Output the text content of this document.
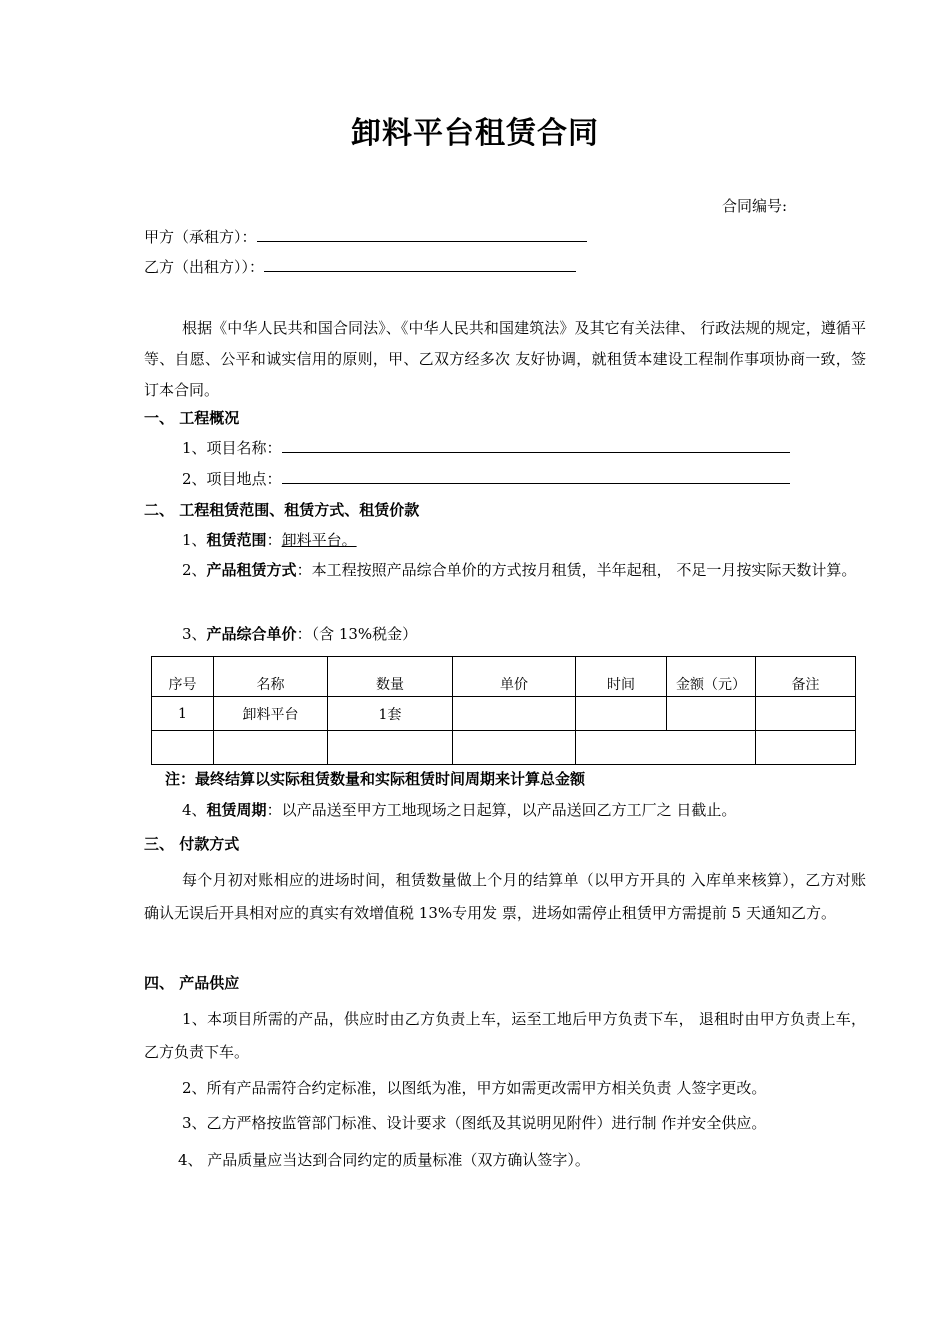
卸料平台租赁合同
合同编号:
甲方（承租方）：
乙方（出租方））：
根据《中华人民共和国合同法》、《中华人民共和国建筑法》及其它有关法律、 行政法规的规定，遵循平等、自愿、公平和诚实信用的原则，甲、乙双方经多次 友好协调，就租赁本建设工程制作事项协商一致，签订本合同。
一、 工程概况
1、项目名称：
2、项目地点：
二、 工程租赁范围、租赁方式、租赁价款
1、租赁范围：卸料平台。
2、产品租赁方式：本工程按照产品综合单价的方式按月租赁，半年起租， 不足一月按实际天数计算。
3、产品综合单价：（含 13%税金）
序号	名称	数量	单价	时间	金额（元）	备注
1	卸料平台	1套				

注：最终结算以实际租赁数量和实际租赁时间周期来计算总金额
4、租赁周期：以产品送至甲方工地现场之日起算，以产品送回乙方工厂之 日截止。
三、 付款方式
每个月初对账相应的进场时间，租赁数量做上个月的结算单（以甲方开具的 入库单来核算），乙方对账确认无误后开具相对应的真实有效增值税 13%专用发 票，进场如需停止租赁甲方需提前 5 天通知乙方。
四、 产品供应
1、本项目所需的产品，供应时由乙方负责上车，运至工地后甲方负责下车， 退租时由甲方负责上车，乙方负责下车。
2、所有产品需符合约定标准，以图纸为准，甲方如需更改需甲方相关负责 人签字更改。
3、乙方严格按监管部门标准、设计要求（图纸及其说明见附件）进行制 作并安全供应。
4、 产品质量应当达到合同约定的质量标准（双方确认签字）。
